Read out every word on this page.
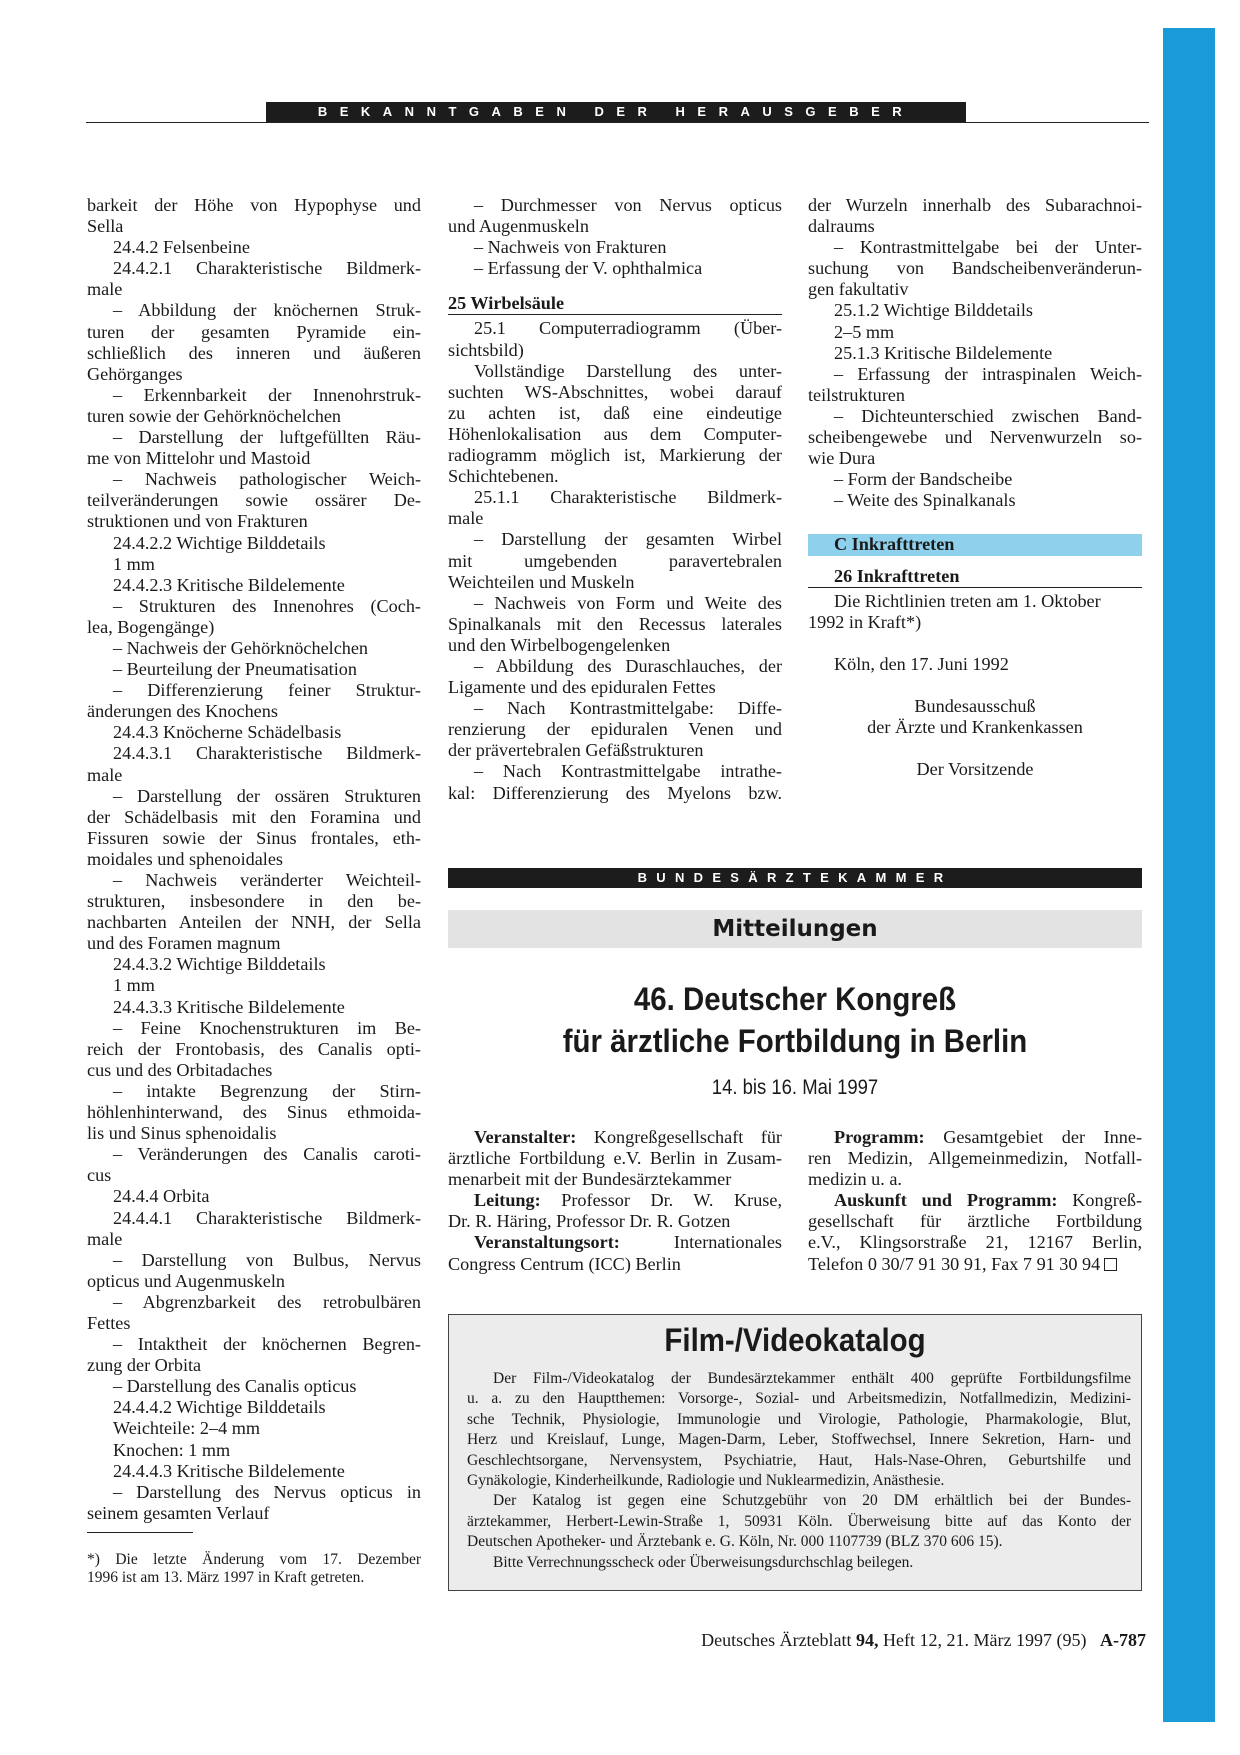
BEKANNTGABEN DER HERAUSGEBER
barkeit der Höhe von Hypophyse und
Sella
24.4.2 Felsenbeine
24.4.2.1 Charakteristische Bildmerk-
male
– Abbildung der knöchernen Struk-
turen der gesamten Pyramide ein-
schließlich des inneren und äußeren
Gehörganges
– Erkennbarkeit der Innenohrstruk-
turen sowie der Gehörknöchelchen
– Darstellung der luftgefüllten Räu-
me von Mittelohr und Mastoid
– Nachweis pathologischer Weich-
teilveränderungen sowie ossärer De-
struktionen und von Frakturen
24.4.2.2 Wichtige Bilddetails
1 mm
24.4.2.3 Kritische Bildelemente
– Strukturen des Innenohres (Coch-
lea, Bogengänge)
– Nachweis der Gehörknöchelchen
– Beurteilung der Pneumatisation
– Differenzierung feiner Struktur-
änderungen des Knochens
24.4.3 Knöcherne Schädelbasis
24.4.3.1 Charakteristische Bildmerk-
male
– Darstellung der ossären Strukturen
der Schädelbasis mit den Foramina und
Fissuren sowie der Sinus frontales, eth-
moidales und sphenoidales
– Nachweis veränderter Weichteil-
strukturen, insbesondere in den be-
nachbarten Anteilen der NNH, der Sella
und des Foramen magnum
24.4.3.2 Wichtige Bilddetails
1 mm
24.4.3.3 Kritische Bildelemente
– Feine Knochenstrukturen im Be-
reich der Frontobasis, des Canalis opti-
cus und des Orbitadaches
– intakte Begrenzung der Stirn-
höhlenhinterwand, des Sinus ethmoida-
lis und Sinus sphenoidalis
– Veränderungen des Canalis caroti-
cus
24.4.4 Orbita
24.4.4.1 Charakteristische Bildmerk-
male
– Darstellung von Bulbus, Nervus
opticus und Augenmuskeln
– Abgrenzbarkeit des retrobulbären
Fettes
– Intaktheit der knöchernen Begren-
zung der Orbita
– Darstellung des Canalis opticus
24.4.4.2 Wichtige Bilddetails
Weichteile: 2–4 mm
Knochen: 1 mm
24.4.4.3 Kritische Bildelemente
– Darstellung des Nervus opticus in
seinem gesamten Verlauf
*) Die letzte Änderung vom 17. Dezember
1996 ist am 13. März 1997 in Kraft getreten.
– Durchmesser von Nervus opticus
und Augenmuskeln
– Nachweis von Frakturen
– Erfassung der V. ophthalmica
25 Wirbelsäule
25.1 Computerradiogramm (Über-
sichtsbild)
Vollständige Darstellung des unter-
suchten WS-Abschnittes, wobei darauf
zu achten ist, daß eine eindeutige
Höhenlokalisation aus dem Computer-
radiogramm möglich ist, Markierung der
Schichtebenen.
25.1.1 Charakteristische Bildmerk-
male
– Darstellung der gesamten Wirbel
mit umgebenden paravertebralen
Weichteilen und Muskeln
– Nachweis von Form und Weite des
Spinalkanals mit den Recessus laterales
und den Wirbelbogengelenken
– Abbildung des Duraschlauches, der
Ligamente und des epiduralen Fettes
– Nach Kontrastmittelgabe: Diffe-
renzierung der epiduralen Venen und
der prävertebralen Gefäßstrukturen
– Nach Kontrastmittelgabe intrathe-
kal: Differenzierung des Myelons bzw.
der Wurzeln innerhalb des Subarachnoi-
dalraums
– Kontrastmittelgabe bei der Unter-
suchung von Bandscheibenveränderun-
gen fakultativ
25.1.2 Wichtige Bilddetails
2–5 mm
25.1.3 Kritische Bildelemente
– Erfassung der intraspinalen Weich-
teilstrukturen
– Dichteunterschied zwischen Band-
scheibengewebe und Nervenwurzeln so-
wie Dura
– Form der Bandscheibe
– Weite des Spinalkanals
C Inkrafttreten
26 Inkrafttreten
Die Richtlinien treten am 1. Oktober
1992 in Kraft*)
Köln, den 17. Juni 1992
Bundesausschuß
der Ärzte und Krankenkassen
Der Vorsitzende
BUNDESÄRZTEKAMMER
Mitteilungen
46. Deutscher Kongreß
für ärztliche Fortbildung in Berlin
14. bis 16. Mai 1997
Veranstalter: Kongreßgesellschaft für
ärztliche Fortbildung e.V. Berlin in Zusam-
menarbeit mit der Bundesärztekammer
Leitung: Professor Dr. W. Kruse,
Dr. R. Häring, Professor Dr. R. Gotzen
Veranstaltungsort: Internationales
Congress Centrum (ICC) Berlin
Programm: Gesamtgebiet der Inne-
ren Medizin, Allgemeinmedizin, Notfall-
medizin u. a.
Auskunft und Programm: Kongreß-
gesellschaft für ärztliche Fortbildung
e.V., Klingsorstraße 21, 12167 Berlin,
Telefon 0 30/7 91 30 91, Fax 7 91 30 94
Film-/Videokatalog
Der Film-/Videokatalog der Bundesärztekammer enthält 400 geprüfte Fortbildungsfilme
u. a. zu den Hauptthemen: Vorsorge-, Sozial- und Arbeitsmedizin, Notfallmedizin, Medizini-
sche Technik, Physiologie, Immunologie und Virologie, Pathologie, Pharmakologie, Blut,
Herz und Kreislauf, Lunge, Magen-Darm, Leber, Stoffwechsel, Innere Sekretion, Harn- und
Geschlechtsorgane, Nervensystem, Psychiatrie, Haut, Hals-Nase-Ohren, Geburtshilfe und
Gynäkologie, Kinderheilkunde, Radiologie und Nuklearmedizin, Anästhesie.
Der Katalog ist gegen eine Schutzgebühr von 20 DM erhältlich bei der Bundes-
ärztekammer, Herbert-Lewin-Straße 1, 50931 Köln. Überweisung bitte auf das Konto der
Deutschen Apotheker- und Ärztebank e. G. Köln, Nr. 000 1107739 (BLZ 370 606 15).
Bitte Verrechnungsscheck oder Überweisungsdurchschlag beilegen.
Deutsches Ärzteblatt 94, Heft 12, 21. März 1997 (95) A-787
